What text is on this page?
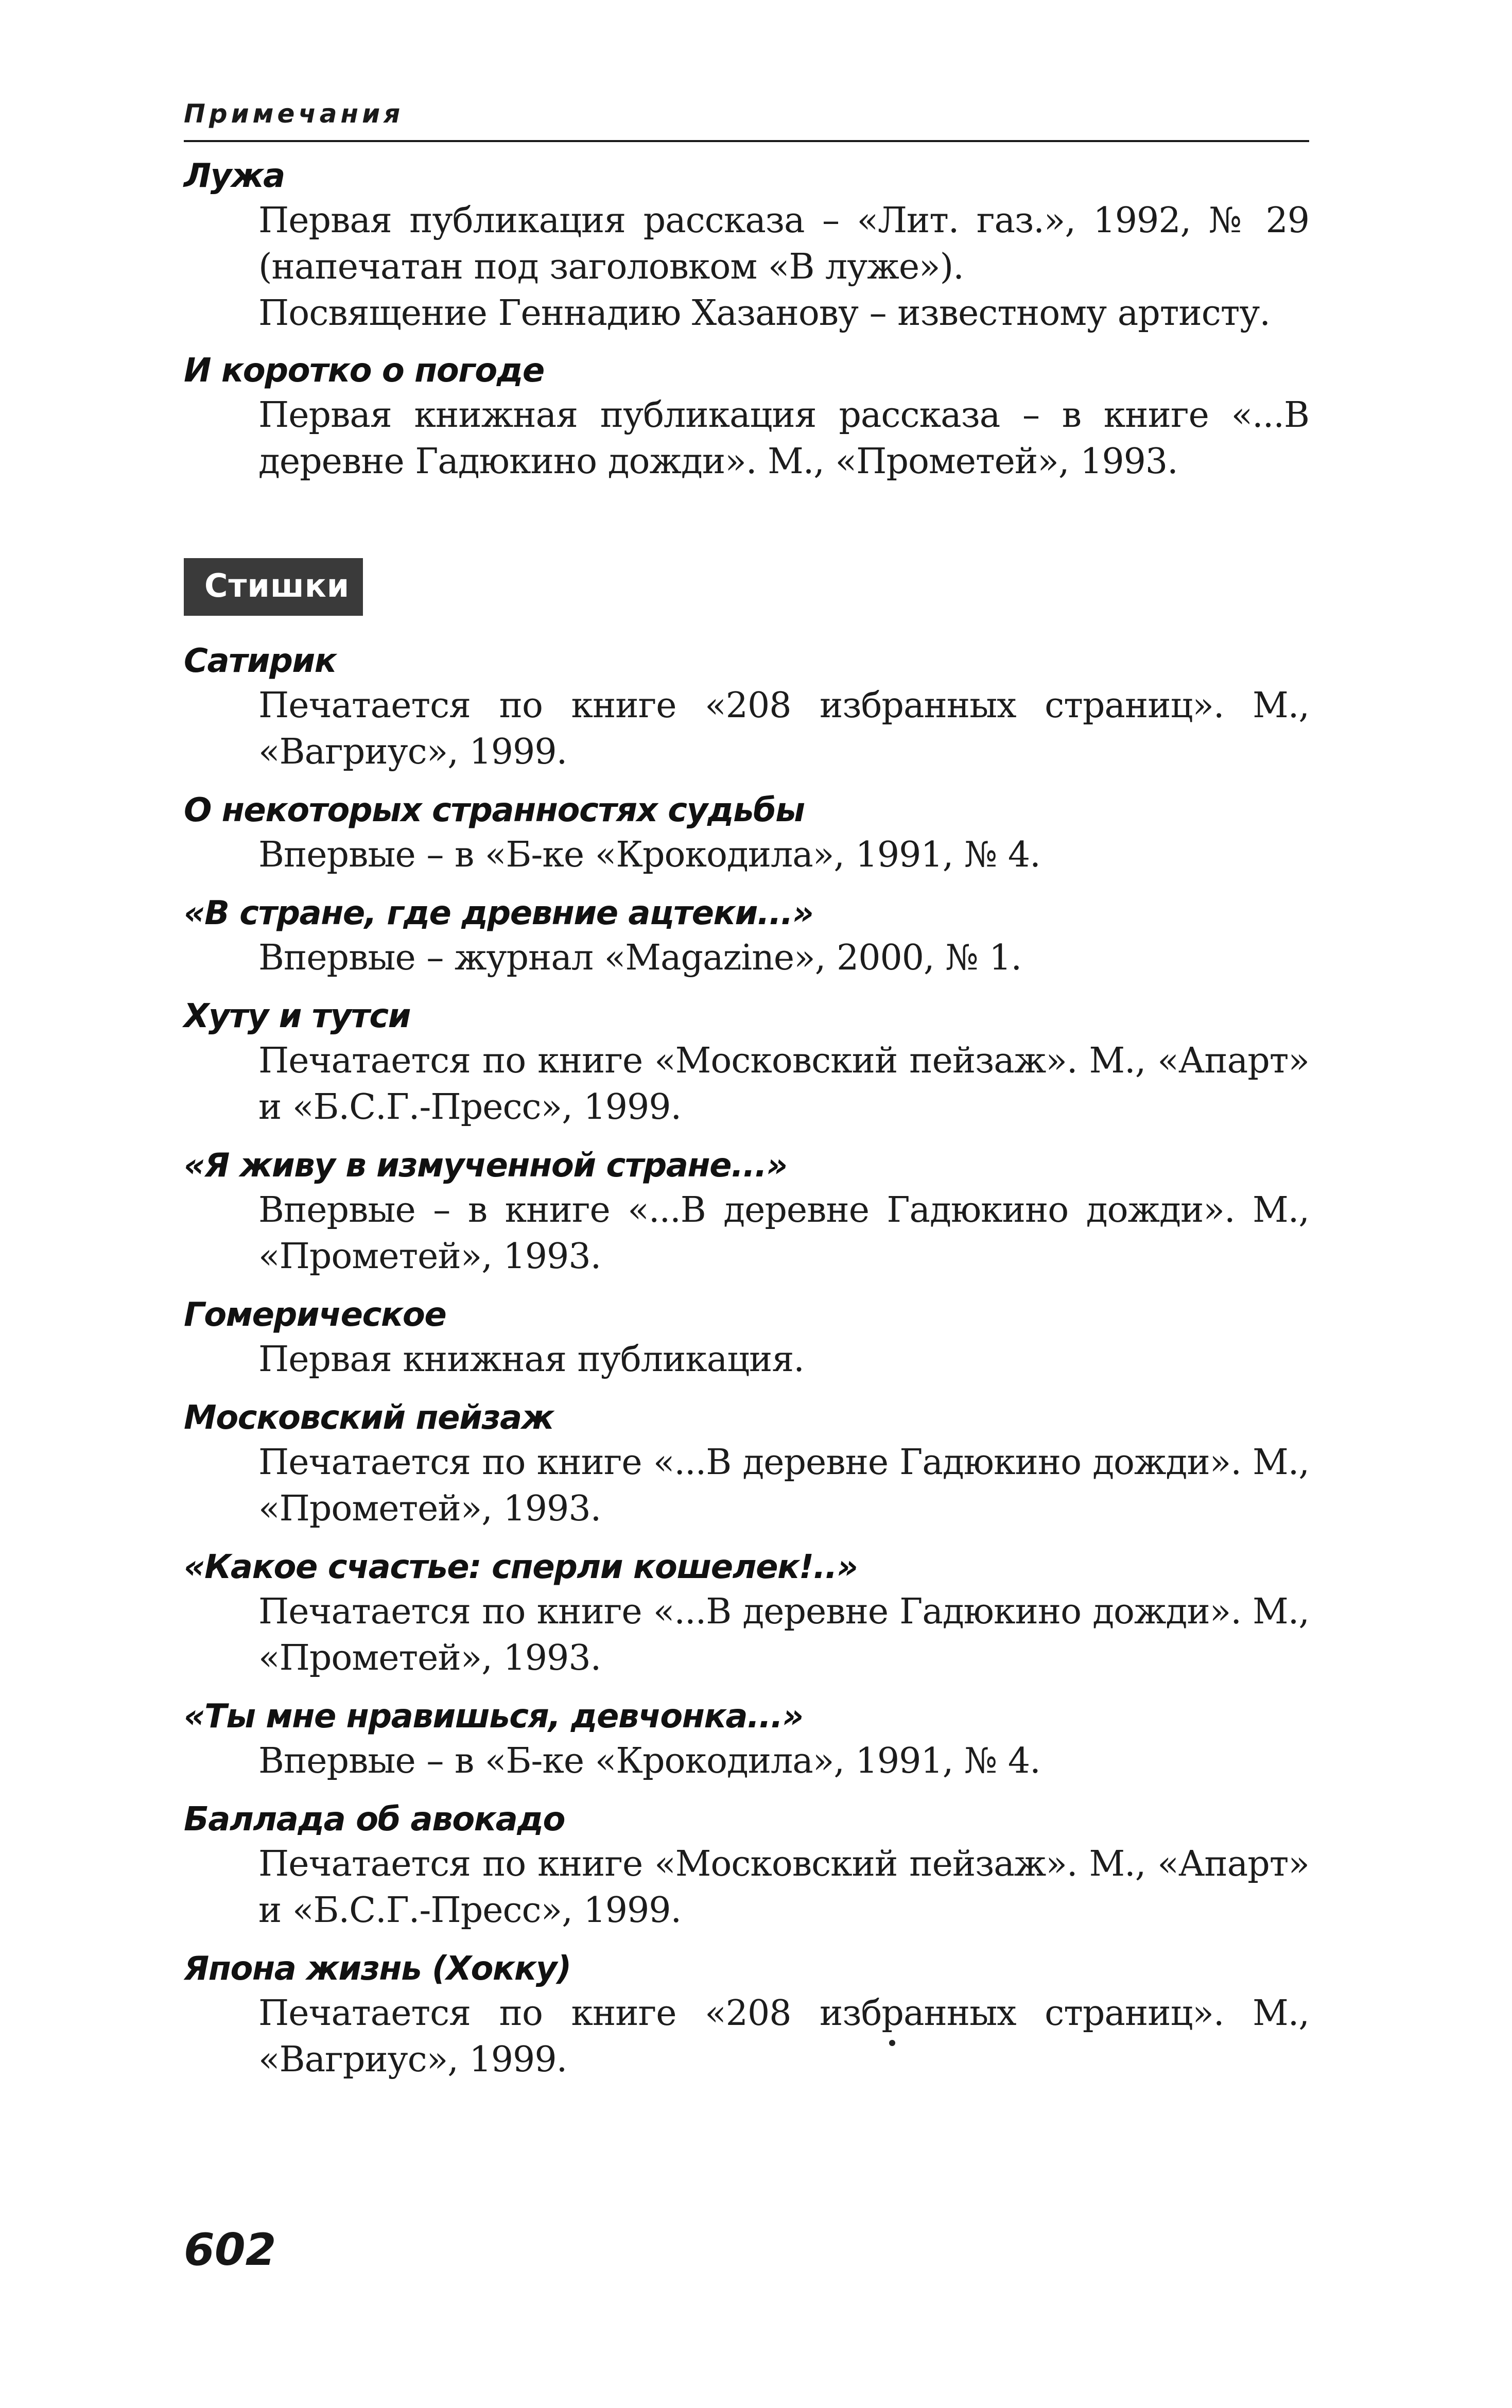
Примечания

Лужа

Первая публикация рассказа – «Лит. газ.», 1992, № 29 (напечатан под заголовком «В луже»).

Посвящение Геннадию Хазанову – известному артисту.

И коротко о погоде

Первая книжная публикация рассказа – в книге «...В деревне Гадюкино дожди». М., «Прометей», 1993.

Стишки

Сатирик

Печатается по книге «208 избранных страниц». М., «Вагриус», 1999.

О некоторых странностях судьбы

Впервые – в «Б-ке «Крокодила», 1991, № 4.

«В стране, где древние ацтеки...»

Впервые – журнал «Magazine», 2000, № 1.

Хуту и тутси

Печатается по книге «Московский пейзаж». М., «Апарт» и «Б.С.Г.-Пресс», 1999.

«Я живу в измученной стране...»

Впервые – в книге «...В деревне Гадюкино дожди». М., «Прометей», 1993.

Гомерическое

Первая книжная публикация.

Московский пейзаж

Печатается по книге «...В деревне Гадюкино дожди». М., «Прометей», 1993.

«Какое счастье: сперли кошелек!..»

Печатается по книге «...В деревне Гадюкино дожди». М., «Прометей», 1993.

«Ты мне нравишься, девчонка...»

Впервые – в «Б-ке «Крокодила», 1991, № 4.

Баллада об авокадо

Печатается по книге «Московский пейзаж». М., «Апарт» и «Б.С.Г.-Пресс», 1999.

Япона жизнь (Хокку)

Печатается по книге «208 избранных страниц». М., «Вагриус», 1999.

602
